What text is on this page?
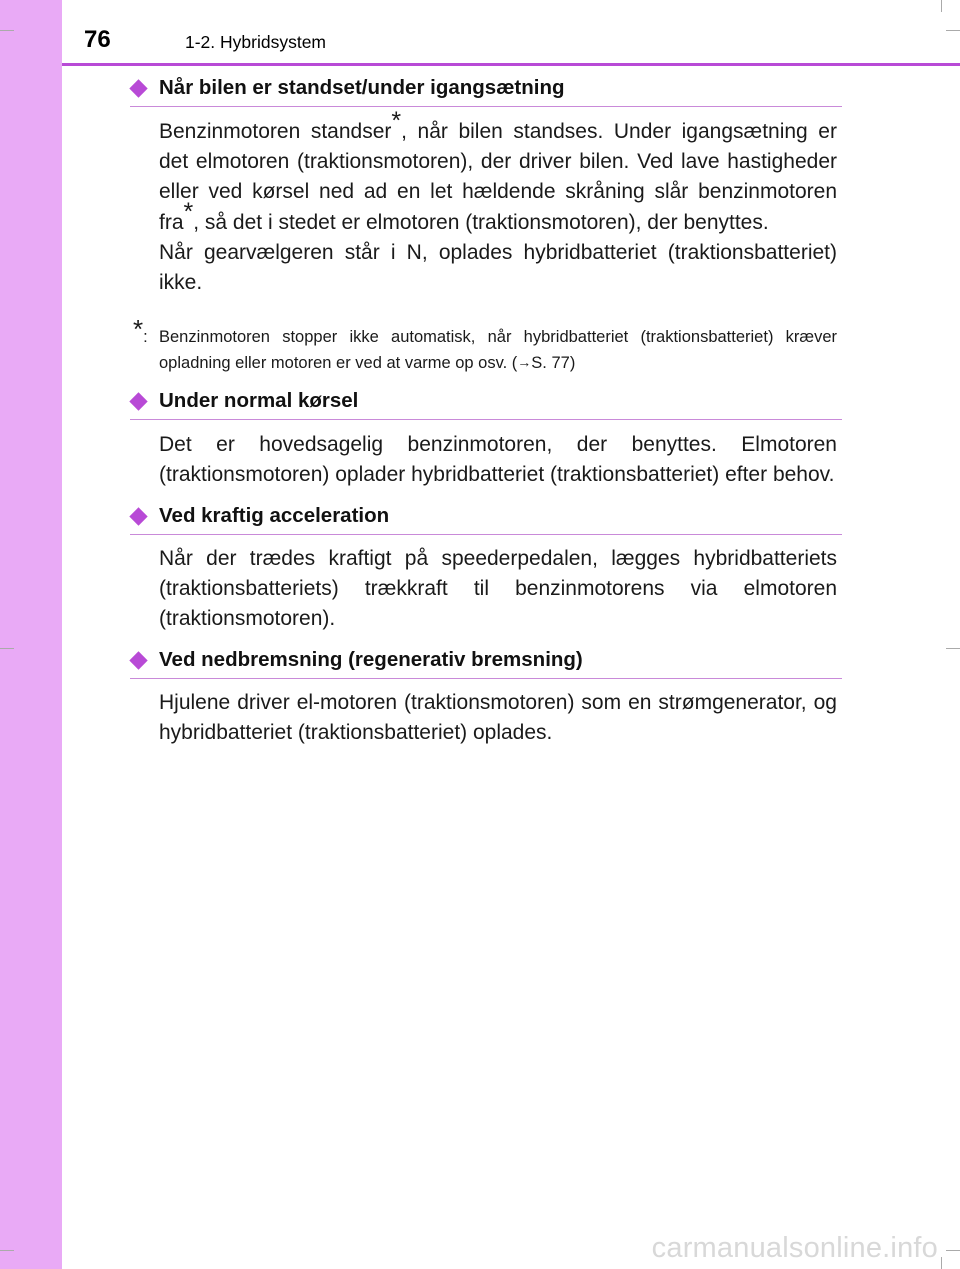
76	1-2. Hybridsystem
Når bilen er standset/under igangsætning

Benzinmotoren standser*, når bilen standses. Under igangsætning er det elmotoren (traktionsmotoren), der driver bilen. Ved lave hastigheder eller ved kørsel ned ad en let hældende skråning slår benzinmotoren fra*, så det i stedet er elmotoren (traktionsmotoren), der benyttes.

Når gearvælgeren står i N, oplades hybridbatteriet (traktionsbatteriet) ikke.

*: Benzinmotoren stopper ikke automatisk, når hybridbatteriet (traktionsbatteriet) kræver opladning eller motoren er ved at varme op osv. (→S. 77)
Under normal kørsel
Det er hovedsagelig benzinmotoren, der benyttes. Elmotoren (traktionsmotoren) oplader hybridbatteriet (traktionsbatteriet) efter behov.
Ved kraftig acceleration
Når der trædes kraftigt på speederpedalen, lægges hybridbatteriets (traktionsbatteriets) trækkraft til benzinmotorens via elmotoren (traktionsmotoren).
Ved nedbremsning (regenerativ bremsning)
Hjulene driver el-motoren (traktionsmotoren) som en strømgenerator, og hybridbatteriet (traktionsbatteriet) oplades.
carmanualsonline.info
